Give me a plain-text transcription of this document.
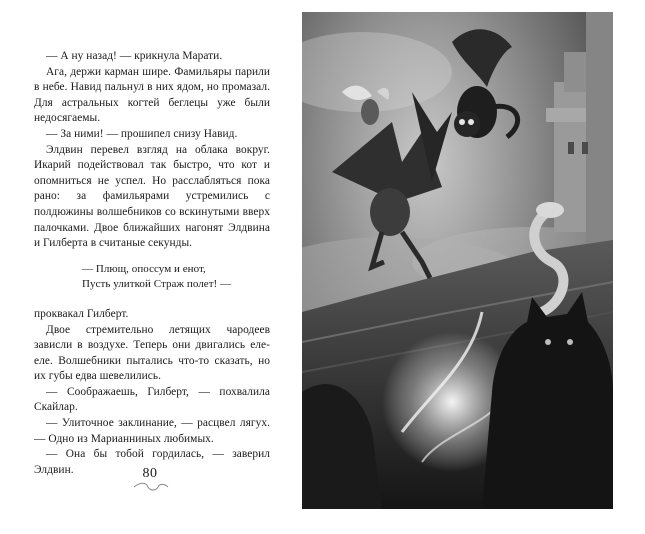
— А ну назад! — крикнула Марати.

Ага, держи карман шире. Фамильяры парили в небе. Навид пальнул в них ядом, но промазал. Для астральных когтей беглецы уже были недосягаемы.

— За ними! — прошипел снизу Навид.

Элдвин перевел взгляд на облака вокруг. Икарий подействовал так быстро, что кот и опомниться не успел. Но расслабляться пока рано: за фамильярами устремились с полдюжины волшебников со вскинутыми вверх палочками. Двое ближайших нагонят Элдвина и Гилберта в считаные секунды.

— Плющ, опоссум и енот,
Пусть улиткой Страж полет! —

проквакал Гилберт.

Двое стремительно летящих чародеев зависли в воздухе. Теперь они двигались еле-еле. Волшебники пытались что-то сказать, но их губы едва шевелились.

— Соображаешь, Гилберт, — похвалила Скайлар.

— Улиточное заклинание, — расцвел лягух. — Одно из Марианниных любимых.

— Она бы тобой гордилась, — заверил Элдвин.	80
